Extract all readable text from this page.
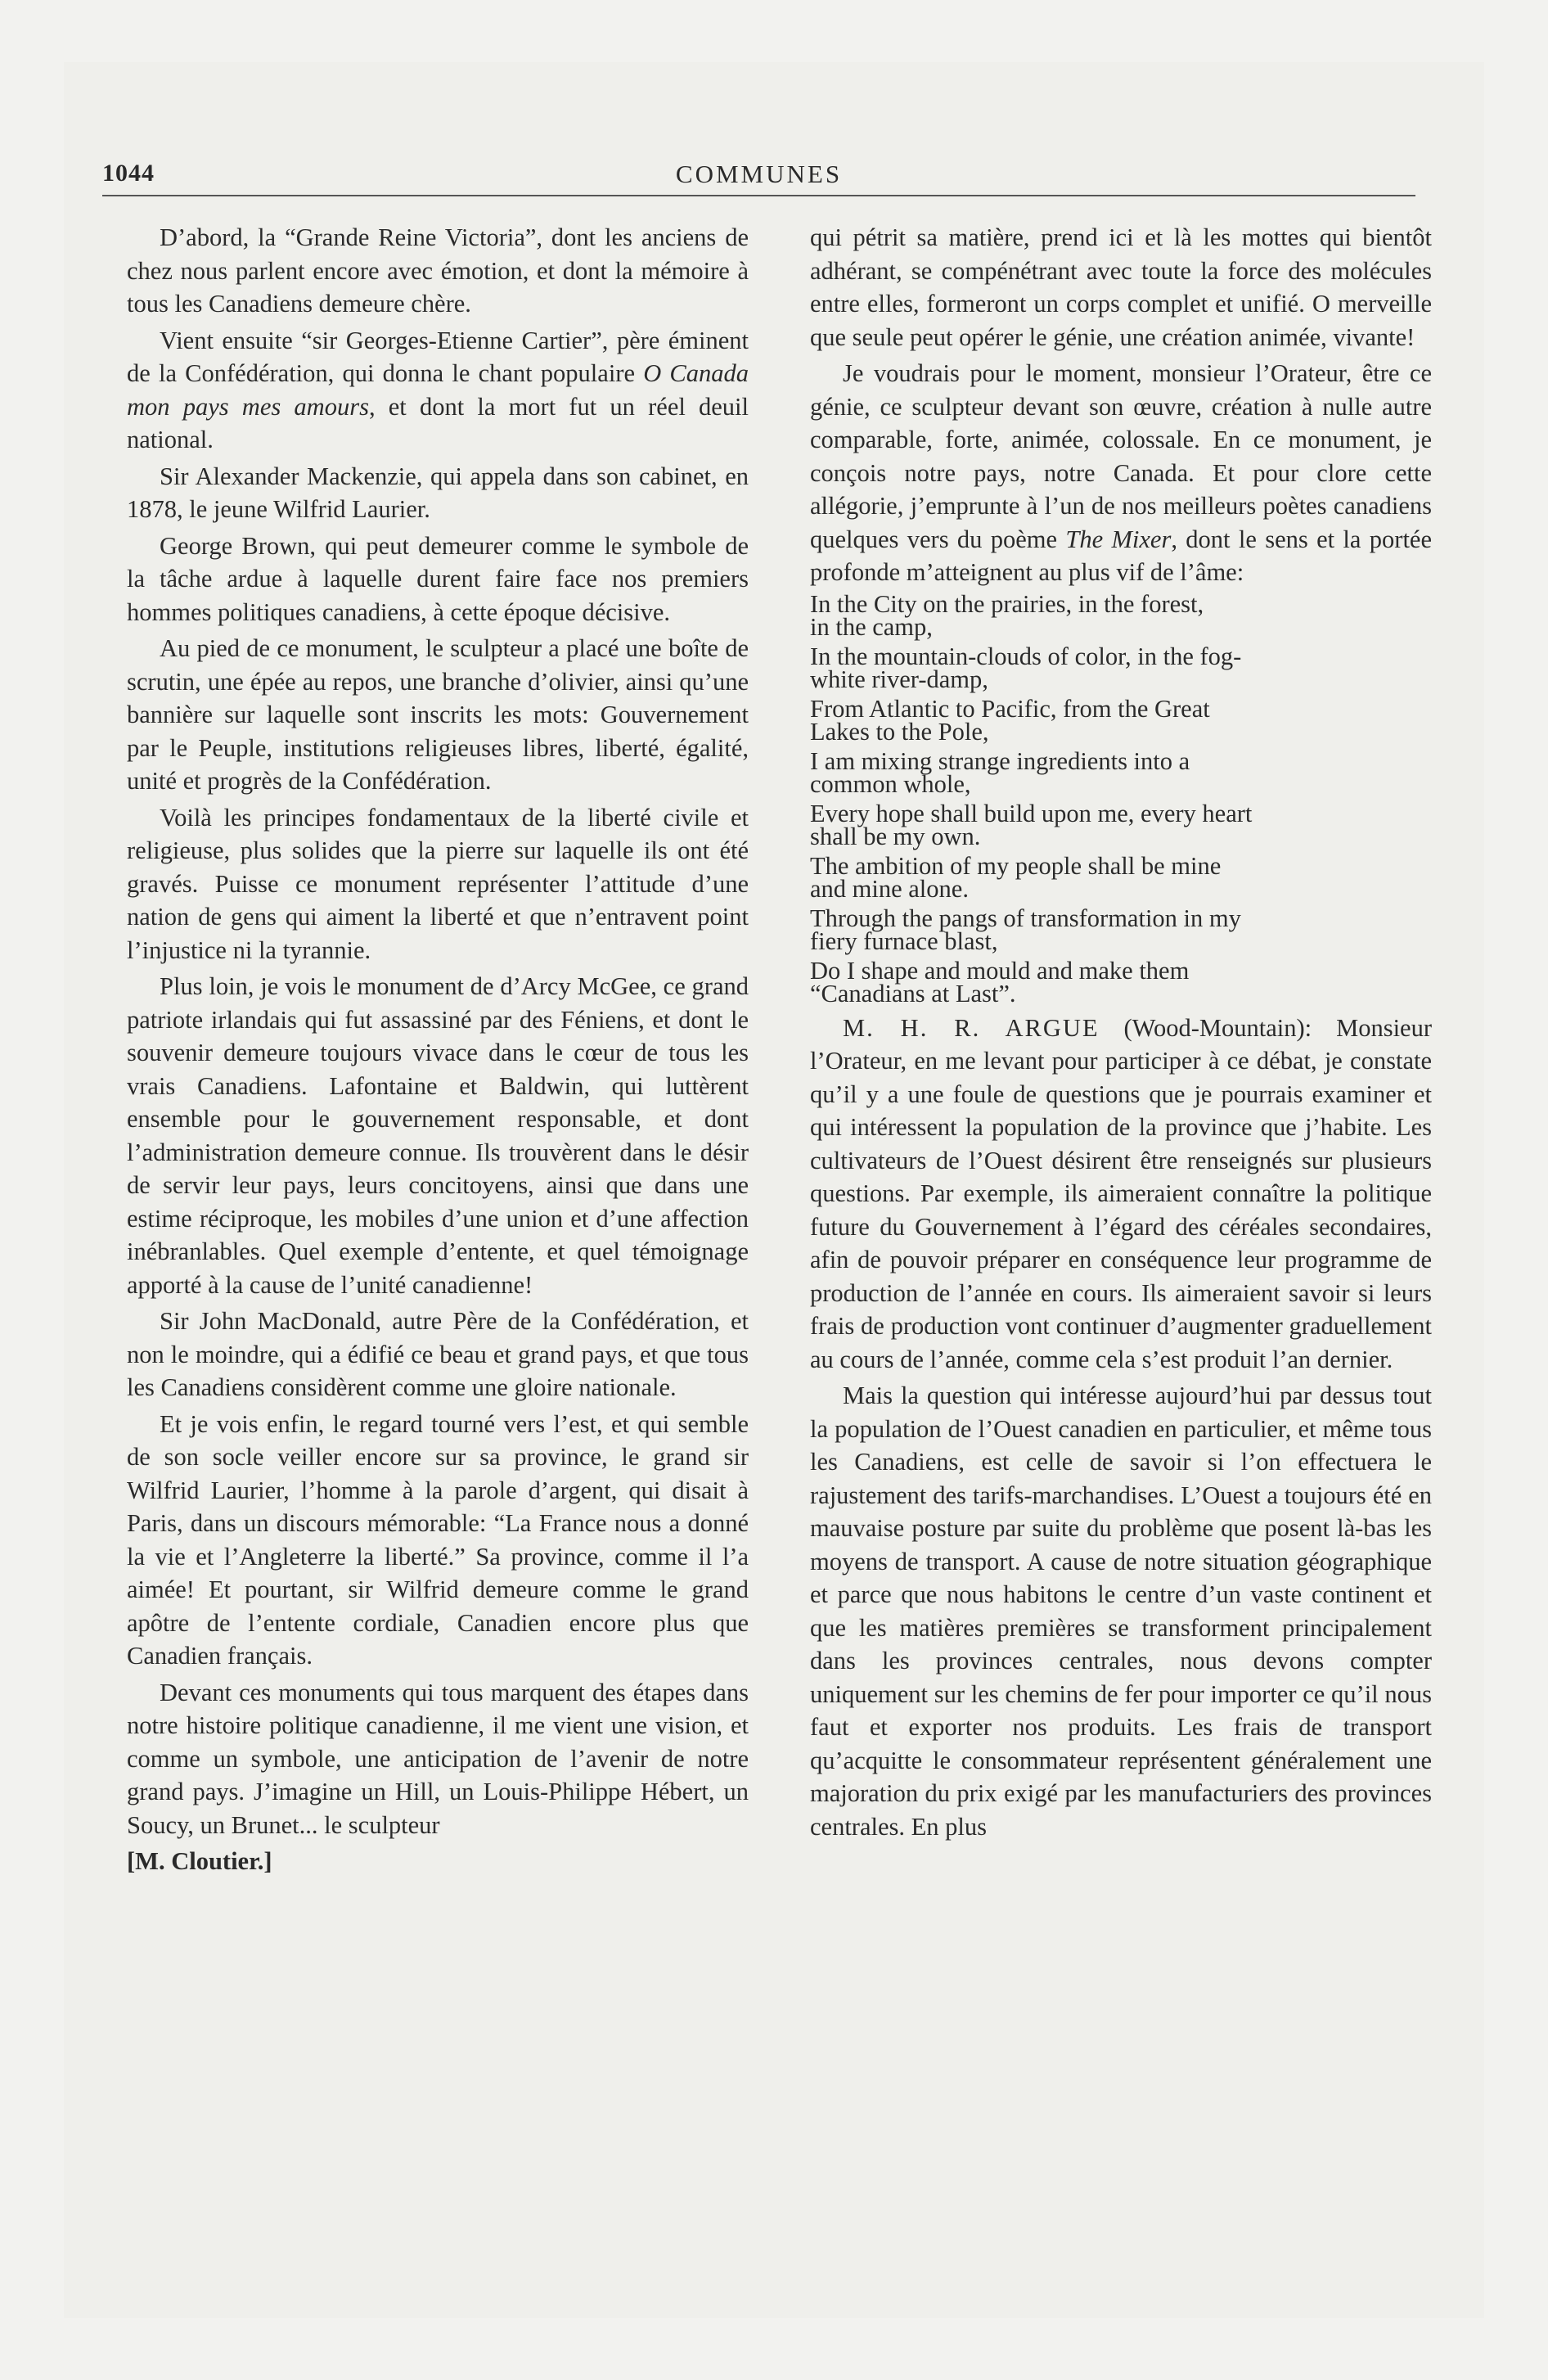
1044	COMMUNES

D’abord, la “Grande Reine Victoria”, dont les anciens de chez nous parlent encore avec émotion, et dont la mémoire à tous les Canadiens demeure chère.

Vient ensuite “sir Georges-Etienne Cartier”, père éminent de la Confédération, qui donna le chant populaire O Canada mon pays mes amours, et dont la mort fut un réel deuil national.

Sir Alexander Mackenzie, qui appela dans son cabinet, en 1878, le jeune Wilfrid Laurier.

George Brown, qui peut demeurer comme le symbole de la tâche ardue à laquelle durent faire face nos premiers hommes politiques canadiens, à cette époque décisive.

Au pied de ce monument, le sculpteur a placé une boîte de scrutin, une épée au repos, une branche d’olivier, ainsi qu’une bannière sur laquelle sont inscrits les mots: Gouvernement par le Peuple, institutions religieuses libres, liberté, égalité, unité et progrès de la Confédération.

Voilà les principes fondamentaux de la liberté civile et religieuse, plus solides que la pierre sur laquelle ils ont été gravés. Puisse ce monument représenter l’attitude d’une nation de gens qui aiment la liberté et que n’entravent point l’injustice ni la tyrannie.

Plus loin, je vois le monument de d’Arcy McGee, ce grand patriote irlandais qui fut assassiné par des Féniens, et dont le souvenir demeure toujours vivace dans le cœur de tous les vrais Canadiens. Lafontaine et Baldwin, qui luttèrent ensemble pour le gouvernement responsable, et dont l’administration demeure connue. Ils trouvèrent dans le désir de servir leur pays, leurs concitoyens, ainsi que dans une estime réciproque, les mobiles d’une union et d’une affection inébranlables. Quel exemple d’entente, et quel témoignage apporté à la cause de l’unité canadienne!

Sir John MacDonald, autre Père de la Confédération, et non le moindre, qui a édifié ce beau et grand pays, et que tous les Canadiens considèrent comme une gloire nationale.

Et je vois enfin, le regard tourné vers l’est, et qui semble de son socle veiller encore sur sa province, le grand sir Wilfrid Laurier, l’homme à la parole d’argent, qui disait à Paris, dans un discours mémorable: “La France nous a donné la vie et l’Angleterre la liberté.” Sa province, comme il l’a aimée! Et pourtant, sir Wilfrid demeure comme le grand apôtre de l’entente cordiale, Canadien encore plus que Canadien français.

Devant ces monuments qui tous marquent des étapes dans notre histoire politique canadienne, il me vient une vision, et comme un symbole, une anticipation de l’avenir de notre grand pays. J’imagine un Hill, un Louis-Philippe Hébert, un Soucy, un Brunet... le sculpteur

[M. Cloutier.]

qui pétrit sa matière, prend ici et là les mottes qui bientôt adhérant, se compénétrant avec toute la force des molécules entre elles, formeront un corps complet et unifié. O merveille que seule peut opérer le génie, une création animée, vivante!

Je voudrais pour le moment, monsieur l’Orateur, être ce génie, ce sculpteur devant son œuvre, création à nulle autre comparable, forte, animée, colossale. En ce monument, je conçois notre pays, notre Canada. Et pour clore cette allégorie, j’emprunte à l’un de nos meilleurs poètes canadiens quelques vers du poème The Mixer, dont le sens et la portée profonde m’atteignent au plus vif de l’âme:

In the City on the prairies, in the forest,
in the camp,

In the mountain-clouds of color, in the fog-
white river-damp,

From Atlantic to Pacific, from the Great
Lakes to the Pole,

I am mixing strange ingredients into a
common whole,

Every hope shall build upon me, every heart
shall be my own.

The ambition of my people shall be mine
and mine alone.

Through the pangs of transformation in my
fiery furnace blast,

Do I shape and mould and make them
“Canadians at Last”.

M. H. R. ARGUE (Wood-Mountain): Monsieur l’Orateur, en me levant pour participer à ce débat, je constate qu’il y a une foule de questions que je pourrais examiner et qui intéressent la population de la province que j’habite. Les cultivateurs de l’Ouest désirent être renseignés sur plusieurs questions. Par exemple, ils aimeraient connaître la politique future du Gouvernement à l’égard des céréales secondaires, afin de pouvoir préparer en conséquence leur programme de production de l’année en cours. Ils aimeraient savoir si leurs frais de production vont continuer d’augmenter graduellement au cours de l’année, comme cela s’est produit l’an dernier.

Mais la question qui intéresse aujourd’hui par dessus tout la population de l’Ouest canadien en particulier, et même tous les Canadiens, est celle de savoir si l’on effectuera le rajustement des tarifs-marchandises. L’Ouest a toujours été en mauvaise posture par suite du problème que posent là-bas les moyens de transport. A cause de notre situation géographique et parce que nous habitons le centre d’un vaste continent et que les matières premières se transforment principalement dans les provinces centrales, nous devons compter uniquement sur les chemins de fer pour importer ce qu’il nous faut et exporter nos produits. Les frais de transport qu’acquitte le consommateur représentent généralement une majoration du prix exigé par les manufacturiers des provinces centrales. En plus
